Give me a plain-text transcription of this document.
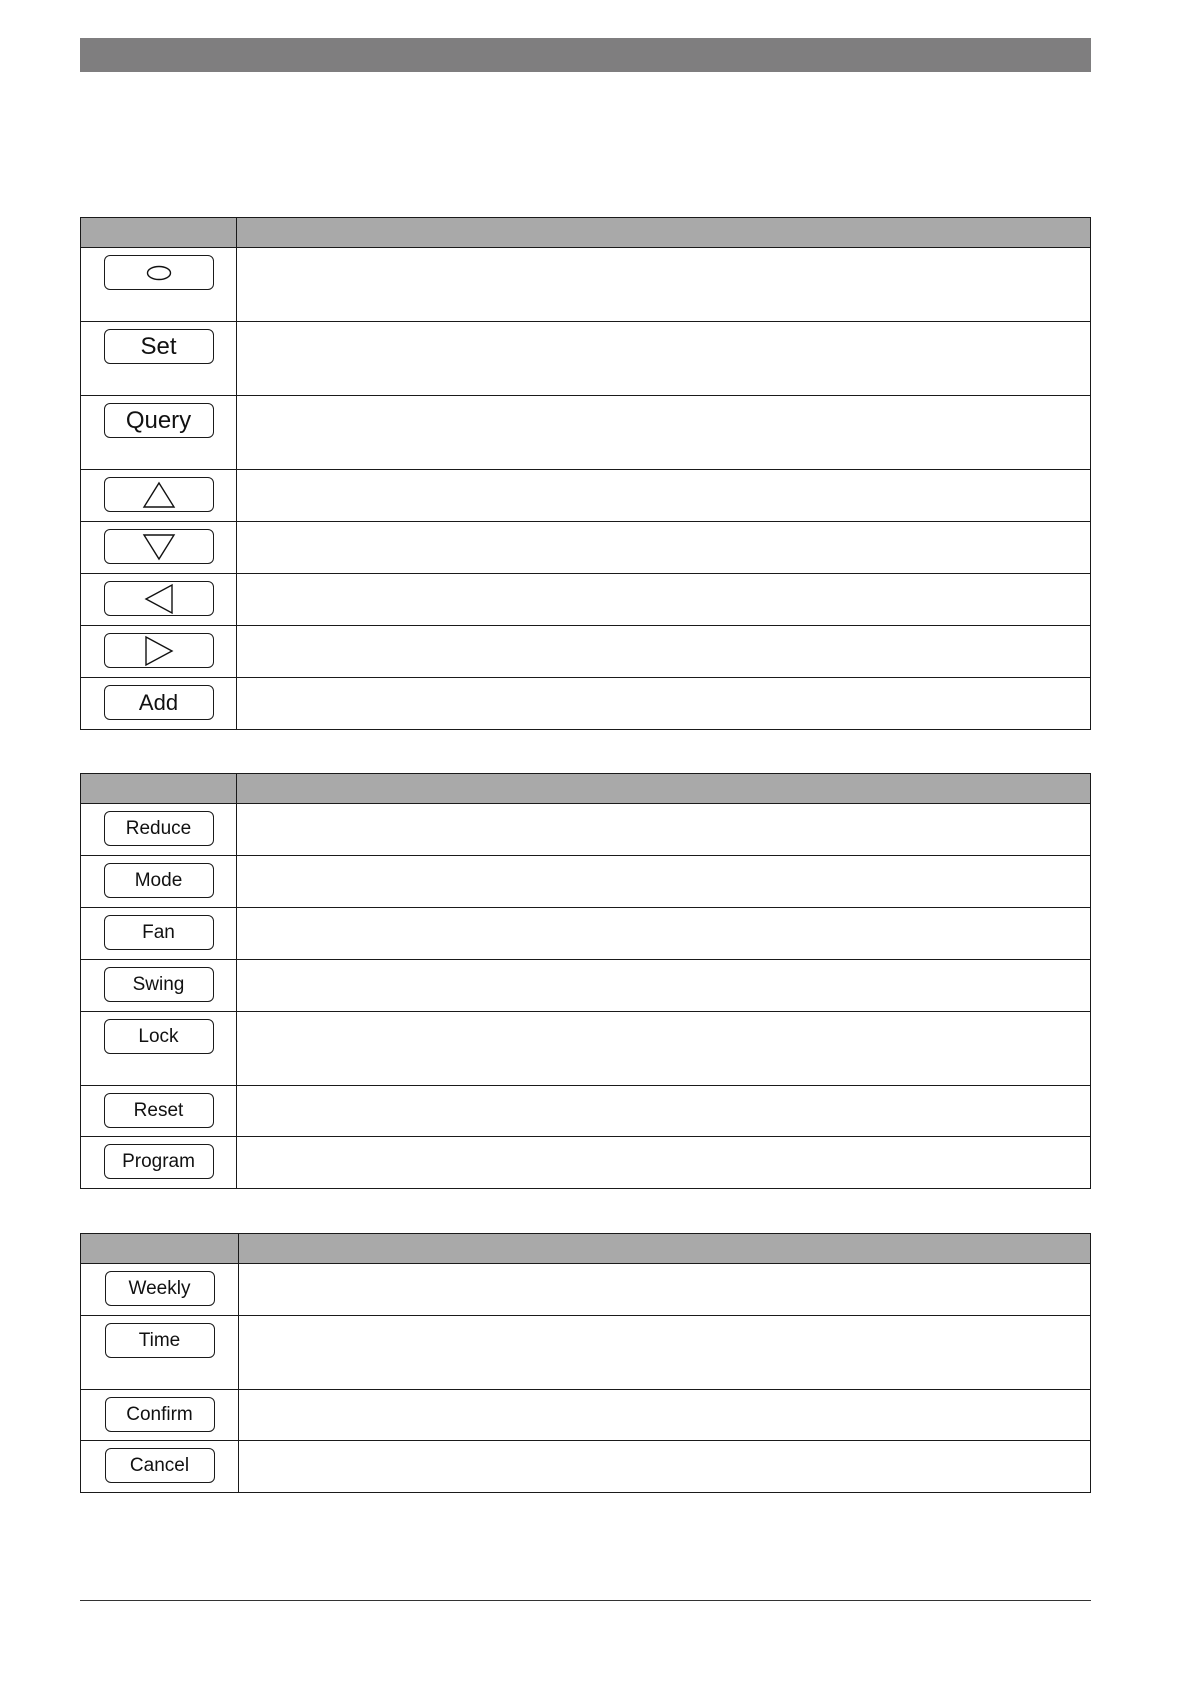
Set	

Query	

Add	

Reduce	

Mode	

Fan	

Swing	

Lock	

Reset	

Program	

Weekly	

Time	

Confirm	

Cancel	
